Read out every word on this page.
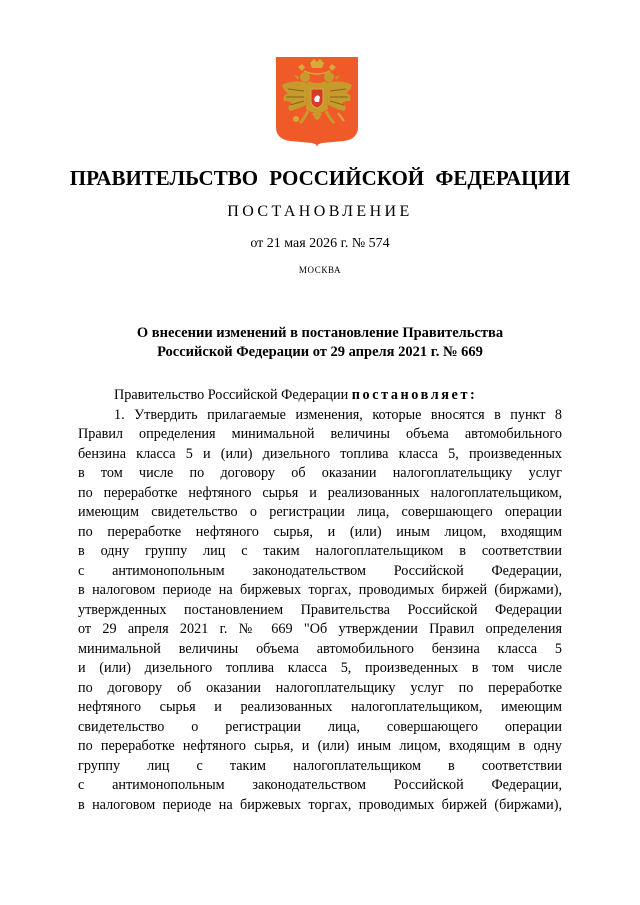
ПРАВИТЕЛЬСТВО РОССИЙСКОЙ ФЕДЕРАЦИИ
ПОСТАНОВЛЕНИЕ
от 21 мая 2026 г. № 574
МОСКВА
О внесении изменений в постановление Правительства
Российской Федерации от 29 апреля 2021 г. № 669
Правительство Российской Федерации постановляет:
1. Утвердить прилагаемые изменения, которые вносятся в пункт 8
Правил определения минимальной величины объема автомобильного
бензина класса 5 и (или) дизельного топлива класса 5, произведенных
в том числе по договору об оказании налогоплательщику услуг
по переработке нефтяного сырья и реализованных налогоплательщиком,
имеющим свидетельство о регистрации лица, совершающего операции
по переработке нефтяного сырья, и (или) иным лицом, входящим
в одну группу лиц с таким налогоплательщиком в соответствии
с антимонопольным законодательством Российской Федерации,
в налоговом периоде на биржевых торгах, проводимых биржей (биржами),
утвержденных постановлением Правительства Российской Федерации
от 29 апреля 2021 г. № 669 "Об утверждении Правил определения
минимальной величины объема автомобильного бензина класса 5
и (или) дизельного топлива класса 5, произведенных в том числе
по договору об оказании налогоплательщику услуг по переработке
нефтяного сырья и реализованных налогоплательщиком, имеющим
свидетельство о регистрации лица, совершающего операции
по переработке нефтяного сырья, и (или) иным лицом, входящим в одну
группу лиц с таким налогоплательщиком в соответствии
с антимонопольным законодательством Российской Федерации,
в налоговом периоде на биржевых торгах, проводимых биржей (биржами),
